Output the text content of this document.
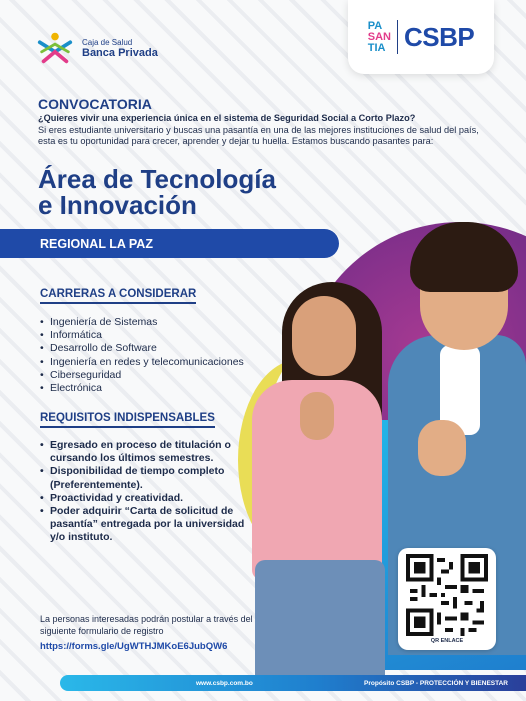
Caja de Salud
Banca Privada
PA
SAN
TIA CSBP
CONVOCATORIA
¿Quieres vivir una experiencia única en el sistema de Seguridad Social a Corto Plazo?
Si eres estudiante universitario y buscas una pasantía en una de las mejores instituciones de salud del país, esta es tu oportunidad para crecer, aprender y dejar tu huella. Estamos buscando pasantes para:
Área de Tecnología
e Innovación
REGIONAL LA PAZ
CARRERAS A CONSIDERAR
• Ingeniería de Sistemas
• Informática
• Desarrollo de Software
• Ingeniería en redes y telecomunicaciones
• Ciberseguridad
• Electrónica
REQUISITOS INDISPENSABLES
• Egresado en proceso de titulación o cursando los últimos semestres.
• Disponibilidad de tiempo completo (Preferentemente).
• Proactividad y creatividad.
• Poder adquirir “Carta de solicitud de pasantía” entregada por la universidad y/o instituto.
La personas interesadas podrán postular a través del siguiente formulario de registro
https://forms.gle/UgWTHJMKoE6JubQW6	QR ENLACE
www.csbp.com.bo	Propósito CSBP - PROTECCIÓN Y BIENESTAR
